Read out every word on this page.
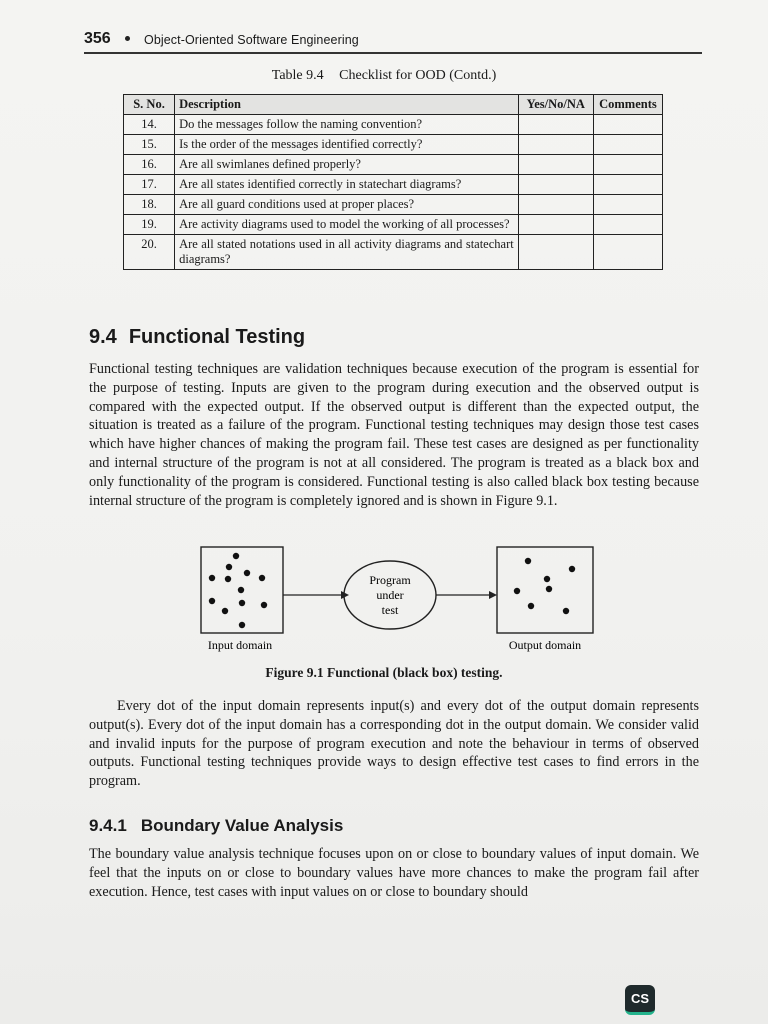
356	Object-Oriented Software Engineering
Table 9.4 Checklist for OOD (Contd.)
S. No.	Description	Yes/No/NA	Comments
14.	Do the messages follow the naming convention?		
15.	Is the order of the messages identified correctly?		
16.	Are all swimlanes defined properly?		
17.	Are all states identified correctly in statechart diagrams?		
18.	Are all guard conditions used at proper places?		
19.	Are activity diagrams used to model the working of all processes?		
20.	Are all stated notations used in all activity diagrams and statechart diagrams?		
9.4 Functional Testing
Functional testing techniques are validation techniques because execution of the program is essential for the purpose of testing. Inputs are given to the program during execution and the observed output is compared with the expected output. If the observed output is different than the expected output, the situation is treated as a failure of the program. Functional testing techniques may design those test cases which have higher chances of making the program fail. These test cases are designed as per functionality and internal structure of the program is not at all considered. The program is treated as a black box and only functionality of the program is considered. Functional testing is also called black box testing because internal structure of the program is completely ignored and is shown in Figure 9.1.
Program
under
test
Input domain	Output domain
Figure 9.1 Functional (black box) testing.
Every dot of the input domain represents input(s) and every dot of the output domain represents output(s). Every dot of the input domain has a corresponding dot in the output domain. We consider valid and invalid inputs for the purpose of program execution and note the behaviour in terms of observed outputs. Functional testing techniques provide ways to design effective test cases to find errors in the program.
9.4.1 Boundary Value Analysis
The boundary value analysis technique focuses upon on or close to boundary values of input domain. We feel that the inputs on or close to boundary values have more chances to make the program fail after execution. Hence, test cases with input values on or close to boundary should
CS
